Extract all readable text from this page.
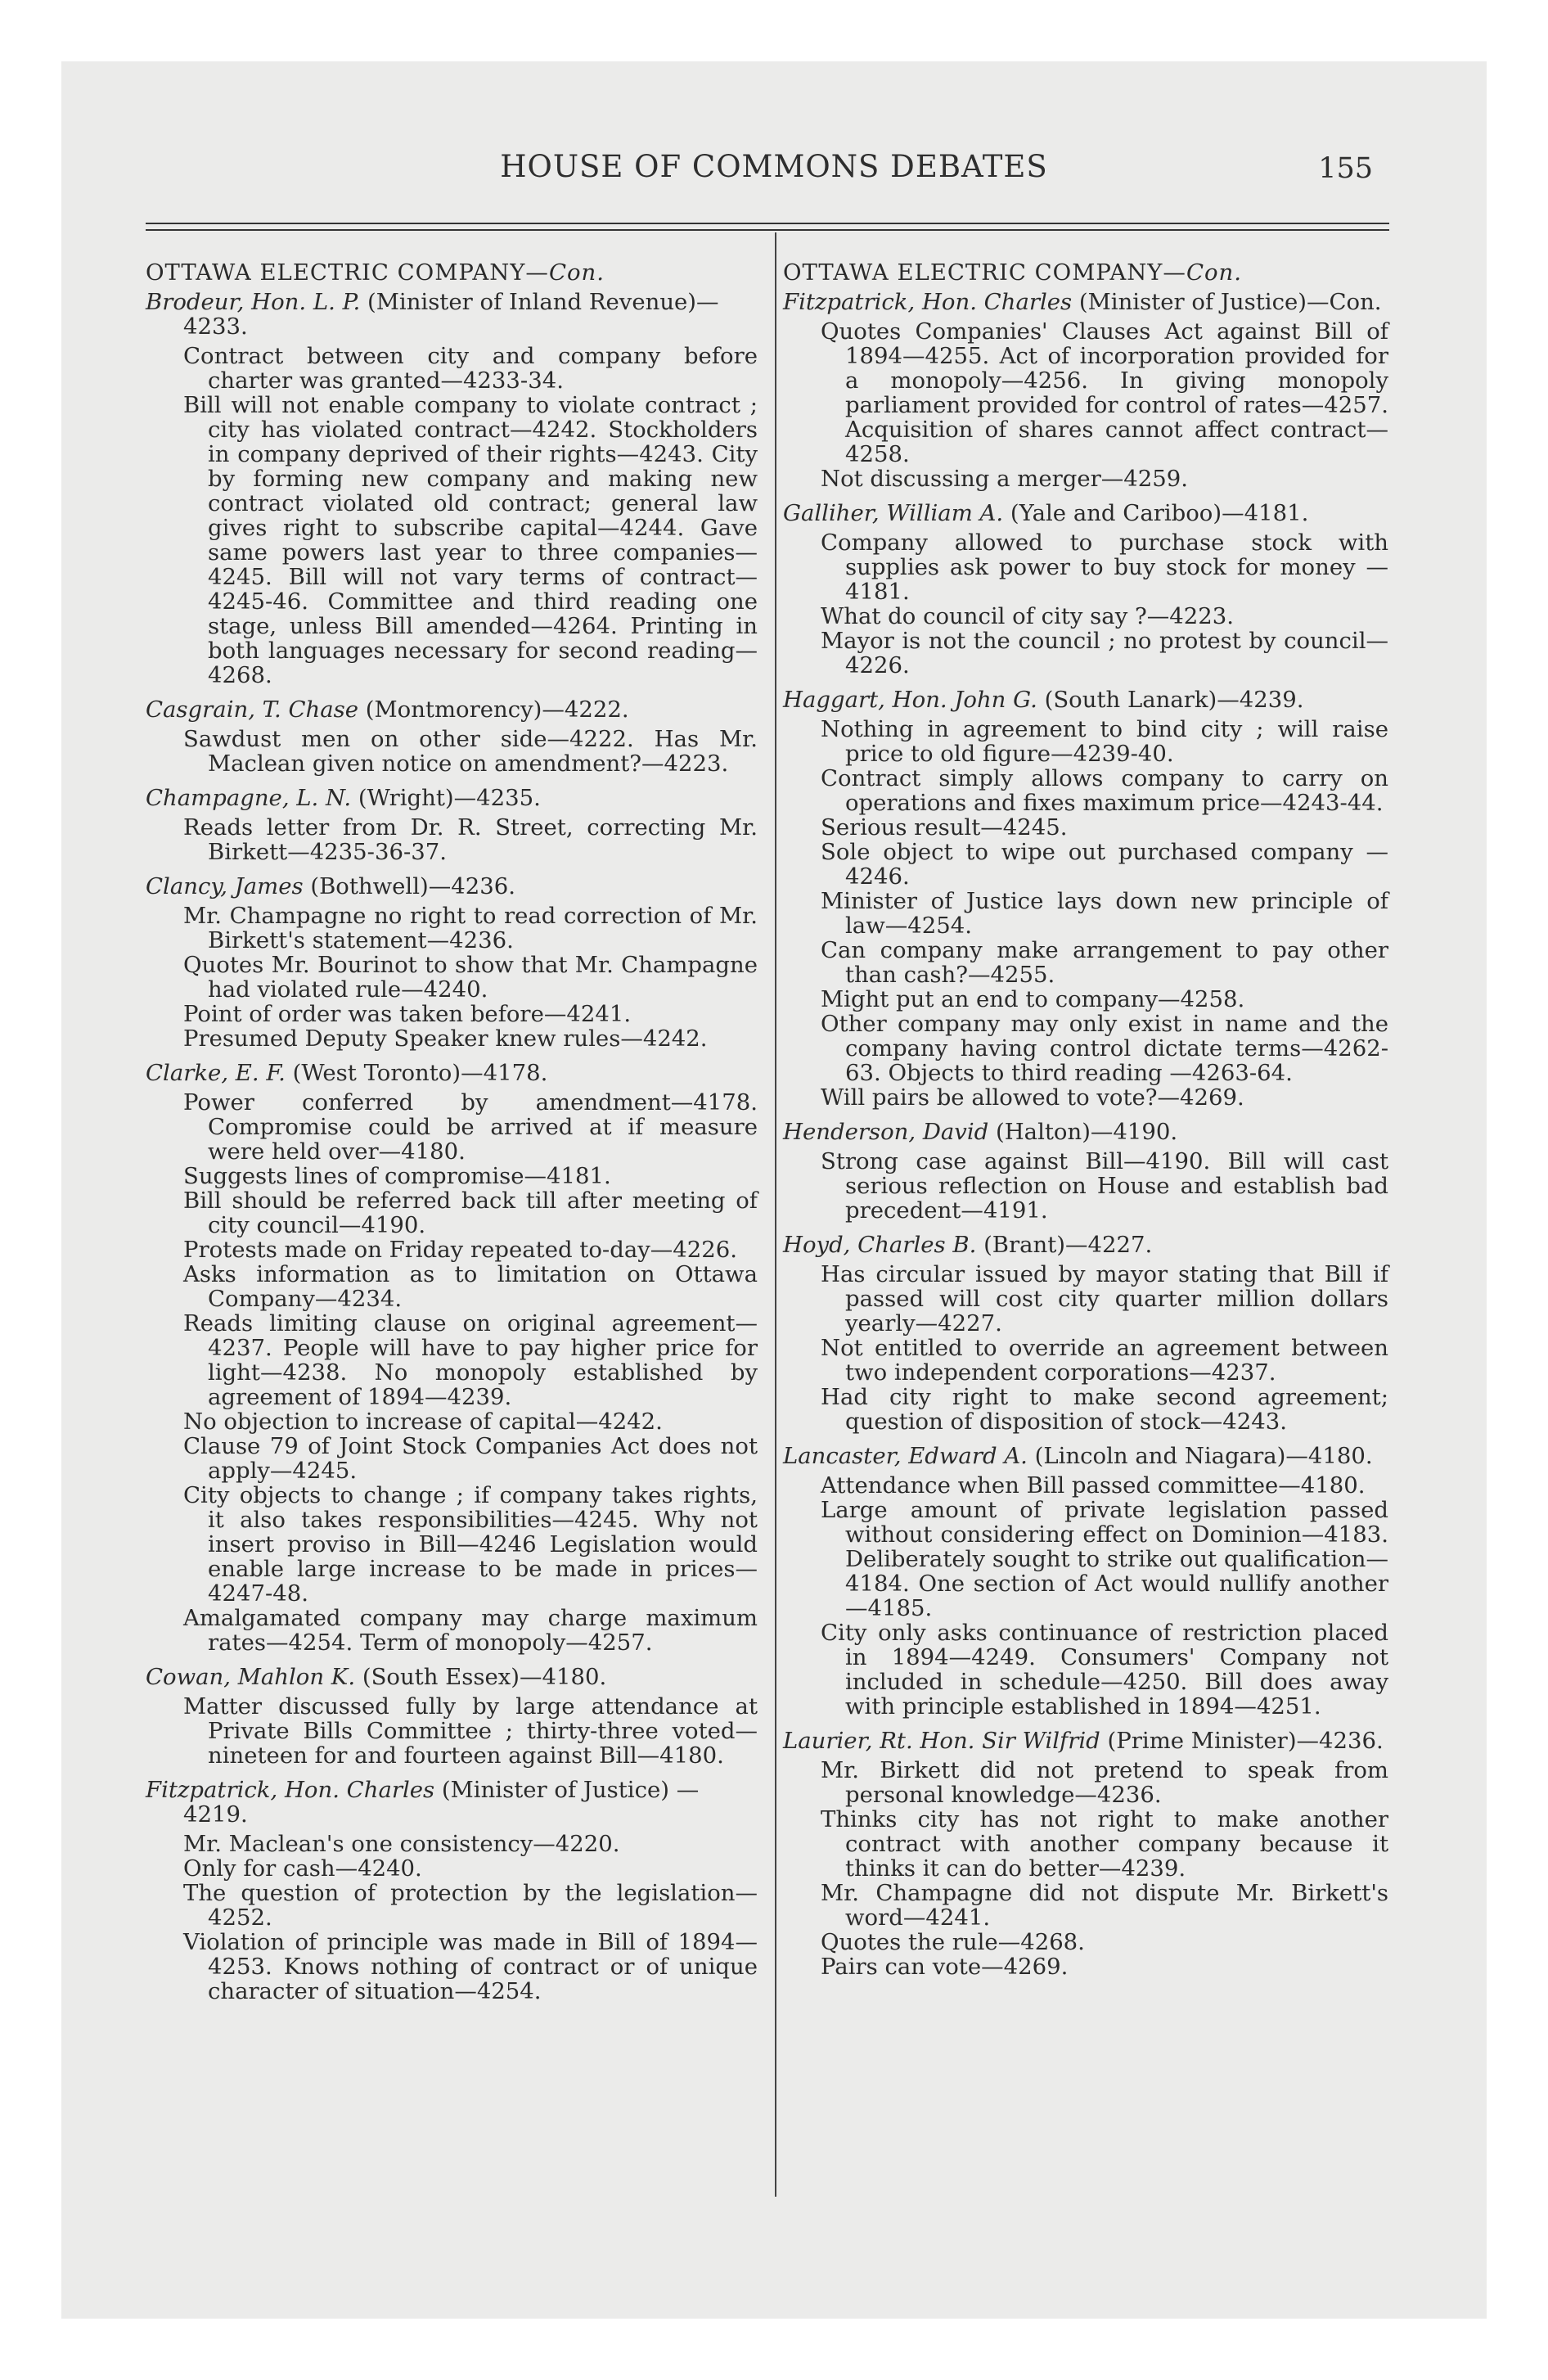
HOUSE OF COMMONS DEBATES	155
OTTAWA ELECTRIC COMPANY—Con.
Brodeur, Hon. L. P. (Minister of Inland Revenue)—4233.
Contract between city and company before charter was granted—4233-34.
Bill will not enable company to violate contract ; city has violated contract—4242. Stockholders in company deprived of their rights—4243. City by forming new company and making new contract violated old contract; general law gives right to subscribe capital—4244. Gave same powers last year to three companies—4245. Bill will not vary terms of contract—4245-46. Committee and third reading one stage, unless Bill amended—4264. Printing in both languages necessary for second reading—4268.
Casgrain, T. Chase (Montmorency)—4222.
Sawdust men on other side—4222. Has Mr. Maclean given notice on amendment?—4223.
Champagne, L. N. (Wright)—4235.
Reads letter from Dr. R. Street, correcting Mr. Birkett—4235-36-37.
Clancy, James (Bothwell)—4236.
Mr. Champagne no right to read correction of Mr. Birkett's statement—4236.
Quotes Mr. Bourinot to show that Mr. Champagne had violated rule—4240.
Point of order was taken before—4241.
Presumed Deputy Speaker knew rules—4242.
Clarke, E. F. (West Toronto)—4178.
Power conferred by amendment—4178. Compromise could be arrived at if measure were held over—4180.
Suggests lines of compromise—4181.
Bill should be referred back till after meeting of city council—4190.
Protests made on Friday repeated to-day—4226.
Asks information as to limitation on Ottawa Company—4234.
Reads limiting clause on original agreement—4237. People will have to pay higher price for light—4238. No monopoly established by agreement of 1894—4239.
No objection to increase of capital—4242.
Clause 79 of Joint Stock Companies Act does not apply—4245.
City objects to change ; if company takes rights, it also takes responsibilities—4245. Why not insert proviso in Bill—4246 Legislation would enable large increase to be made in prices—4247-48.
Amalgamated company may charge maximum rates—4254. Term of monopoly—4257.
Cowan, Mahlon K. (South Essex)—4180.
Matter discussed fully by large attendance at Private Bills Committee ; thirty-three voted—nineteen for and fourteen against Bill—4180.
Fitzpatrick, Hon. Charles (Minister of Justice) —4219.
Mr. Maclean's one consistency—4220.
Only for cash—4240.
The question of protection by the legislation—4252.
Violation of principle was made in Bill of 1894—4253. Knows nothing of contract or of unique character of situation—4254.
OTTAWA ELECTRIC COMPANY—Con.
Fitzpatrick, Hon. Charles (Minister of Justice)—Con.
Quotes Companies' Clauses Act against Bill of 1894—4255. Act of incorporation provided for a monopoly—4256. In giving monopoly parliament provided for control of rates—4257. Acquisition of shares cannot affect contract—4258.
Not discussing a merger—4259.
Galliher, William A. (Yale and Cariboo)—4181.
Company allowed to purchase stock with supplies ask power to buy stock for money —4181.
What do council of city say ?—4223.
Mayor is not the council ; no protest by council—4226.
Haggart, Hon. John G. (South Lanark)—4239.
Nothing in agreement to bind city ; will raise price to old figure—4239-40.
Contract simply allows company to carry on operations and fixes maximum price—4243-44.
Serious result—4245.
Sole object to wipe out purchased company —4246.
Minister of Justice lays down new principle of law—4254.
Can company make arrangement to pay other than cash?—4255.
Might put an end to company—4258.
Other company may only exist in name and the company having control dictate terms—4262-63. Objects to third reading —4263-64.
Will pairs be allowed to vote?—4269.
Henderson, David (Halton)—4190.
Strong case against Bill—4190. Bill will cast serious reflection on House and establish bad precedent—4191.
Hoyd, Charles B. (Brant)—4227.
Has circular issued by mayor stating that Bill if passed will cost city quarter million dollars yearly—4227.
Not entitled to override an agreement between two independent corporations—4237.
Had city right to make second agreement; question of disposition of stock—4243.
Lancaster, Edward A. (Lincoln and Niagara)—4180.
Attendance when Bill passed committee—4180.
Large amount of private legislation passed without considering effect on Dominion—4183. Deliberately sought to strike out qualification—4184. One section of Act would nullify another—4185.
City only asks continuance of restriction placed in 1894—4249. Consumers' Company not included in schedule—4250. Bill does away with principle established in 1894—4251.
Laurier, Rt. Hon. Sir Wilfrid (Prime Minister)—4236.
Mr. Birkett did not pretend to speak from personal knowledge—4236.
Thinks city has not right to make another contract with another company because it thinks it can do better—4239.
Mr. Champagne did not dispute Mr. Birkett's word—4241.
Quotes the rule—4268.
Pairs can vote—4269.
